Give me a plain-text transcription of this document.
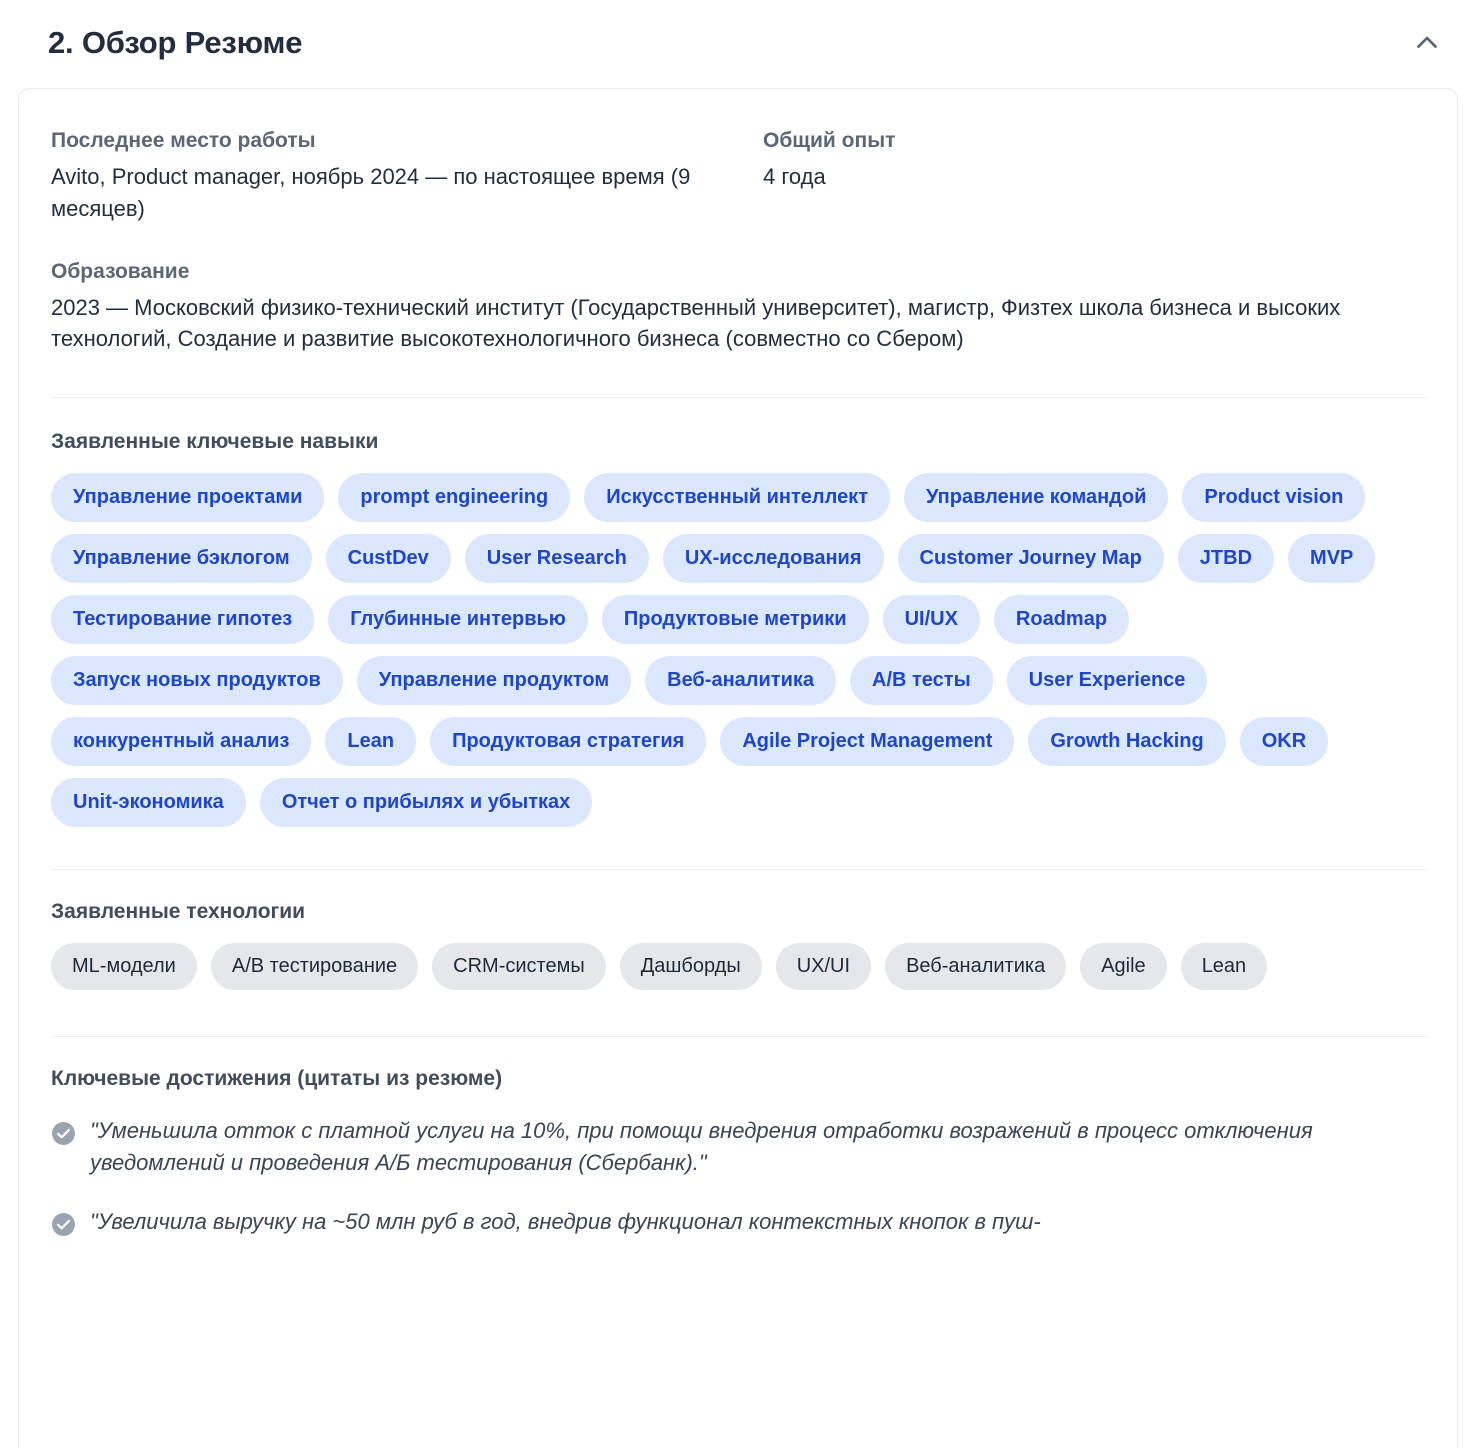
2. Обзор Резюме
Последнее место работы
Avito, Product manager, ноябрь 2024 — по настоящее время (9 месяцев)
Общий опыт
4 года
Образование
2023 — Московский физико-технический институт (Государственный университет), магистр, Физтех школа бизнеса и высоких технологий, Создание и развитие высокотехнологичного бизнеса (совместно со Сбером)
Заявленные ключевые навыки
Управление проектами	prompt engineering	Искусственный интеллект	Управление командой	Product vision
Управление бэклогом	CustDev	User Research	UX-исследования	Customer Journey Map	JTBD	MVP
Тестирование гипотез	Глубинные интервью	Продуктовые метрики	UI/UX	Roadmap
Запуск новых продуктов	Управление продуктом	Веб-аналитика	A/B тесты	User Experience
конкурентный анализ	Lean	Продуктовая стратегия	Agile Project Management	Growth Hacking	OKR
Unit-экономика	Отчет о прибылях и убытках
Заявленные технологии
ML-модели	A/B тестирование	CRM-системы	Дашборды	UX/UI	Веб-аналитика	Agile	Lean
Ключевые достижения (цитаты из резюме)
"Уменьшила отток с платной услуги на 10%, при помощи внедрения отработки возражений в процесс отключения уведомлений и проведения А/Б тестирования (Сбербанк)."
"Увеличила выручку на ~50 млн руб в год, внедрив функционал контекстных кнопок в пуш-
